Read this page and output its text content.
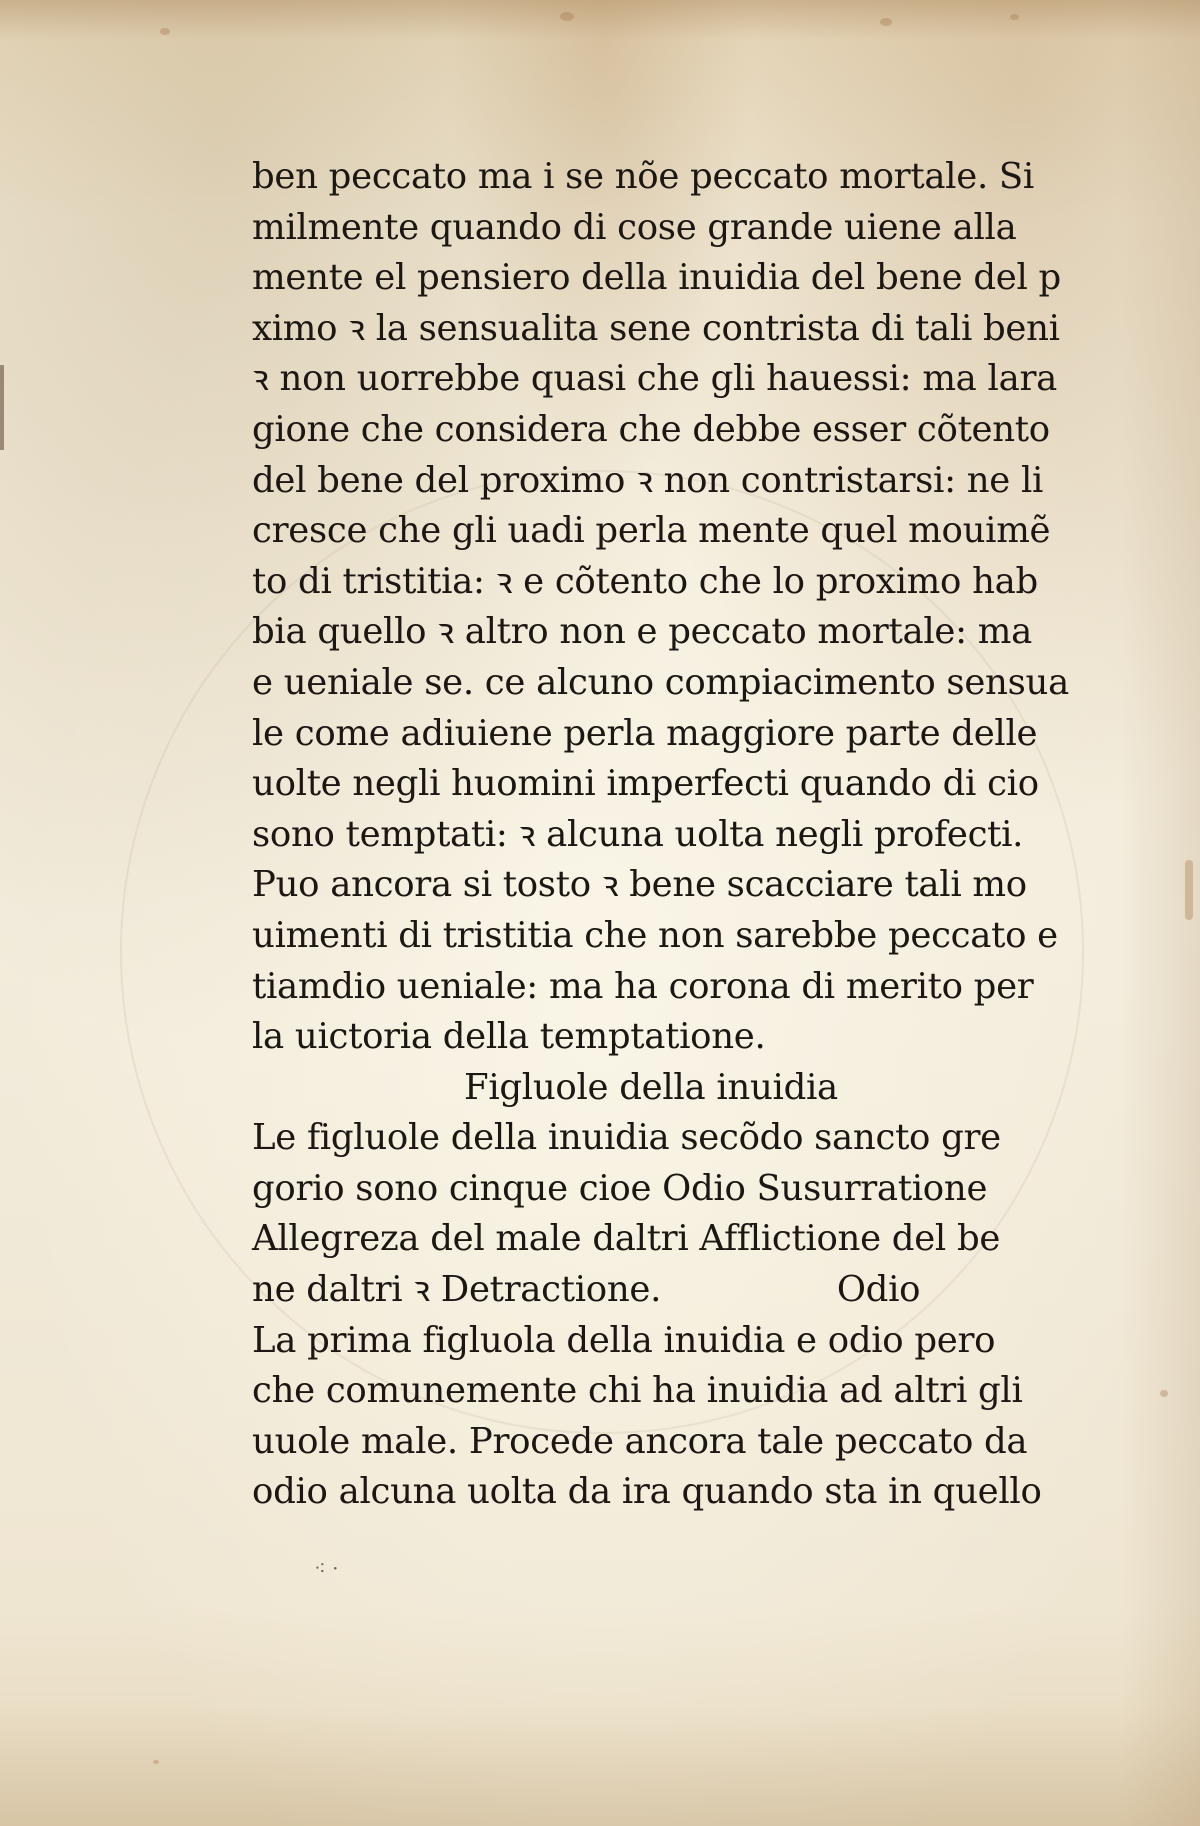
ben peccato ma i se nõe peccato mortale. Si
milmente quando di cose grande uiene alla
mente el pensiero della inuidia del bene del p
ximo ꝛ la sensualita sene contrista di tali beni
ꝛ non uorrebbe quasi che gli hauessi: ma lara
gione che considera che debbe esser cõtento
del bene del proximo ꝛ non contristarsi: ne li
cresce che gli uadi perla mente quel mouimẽ
to di tristitia: ꝛ e cõtento che lo proximo hab
bia quello ꝛ altro non e peccato mortale: ma
e ueniale se. ce alcuno compiacimento sensua
le come adiuiene perla maggiore parte delle
uolte negli huomini imperfecti quando di cio
sono temptati: ꝛ alcuna uolta negli profecti.
Puo ancora si tosto ꝛ bene scacciare tali mo
uimenti di tristitia che non sarebbe peccato e
tiamdio ueniale: ma ha corona di merito per
la uictoria della temptatione.
Figluole della inuidia
Le figluole della inuidia secõdo sancto gre
gorio sono cinque cioe Odio Susurratione
Allegreza del male daltri Afflictione del be
ne daltri ꝛ Detractione.                Odio
La prima figluola della inuidia e odio pero
che comunemente chi ha inuidia ad altri gli
uuole male. Procede ancora tale peccato da
odio alcuna uolta da ira quando sta in quello
⁖ ·
